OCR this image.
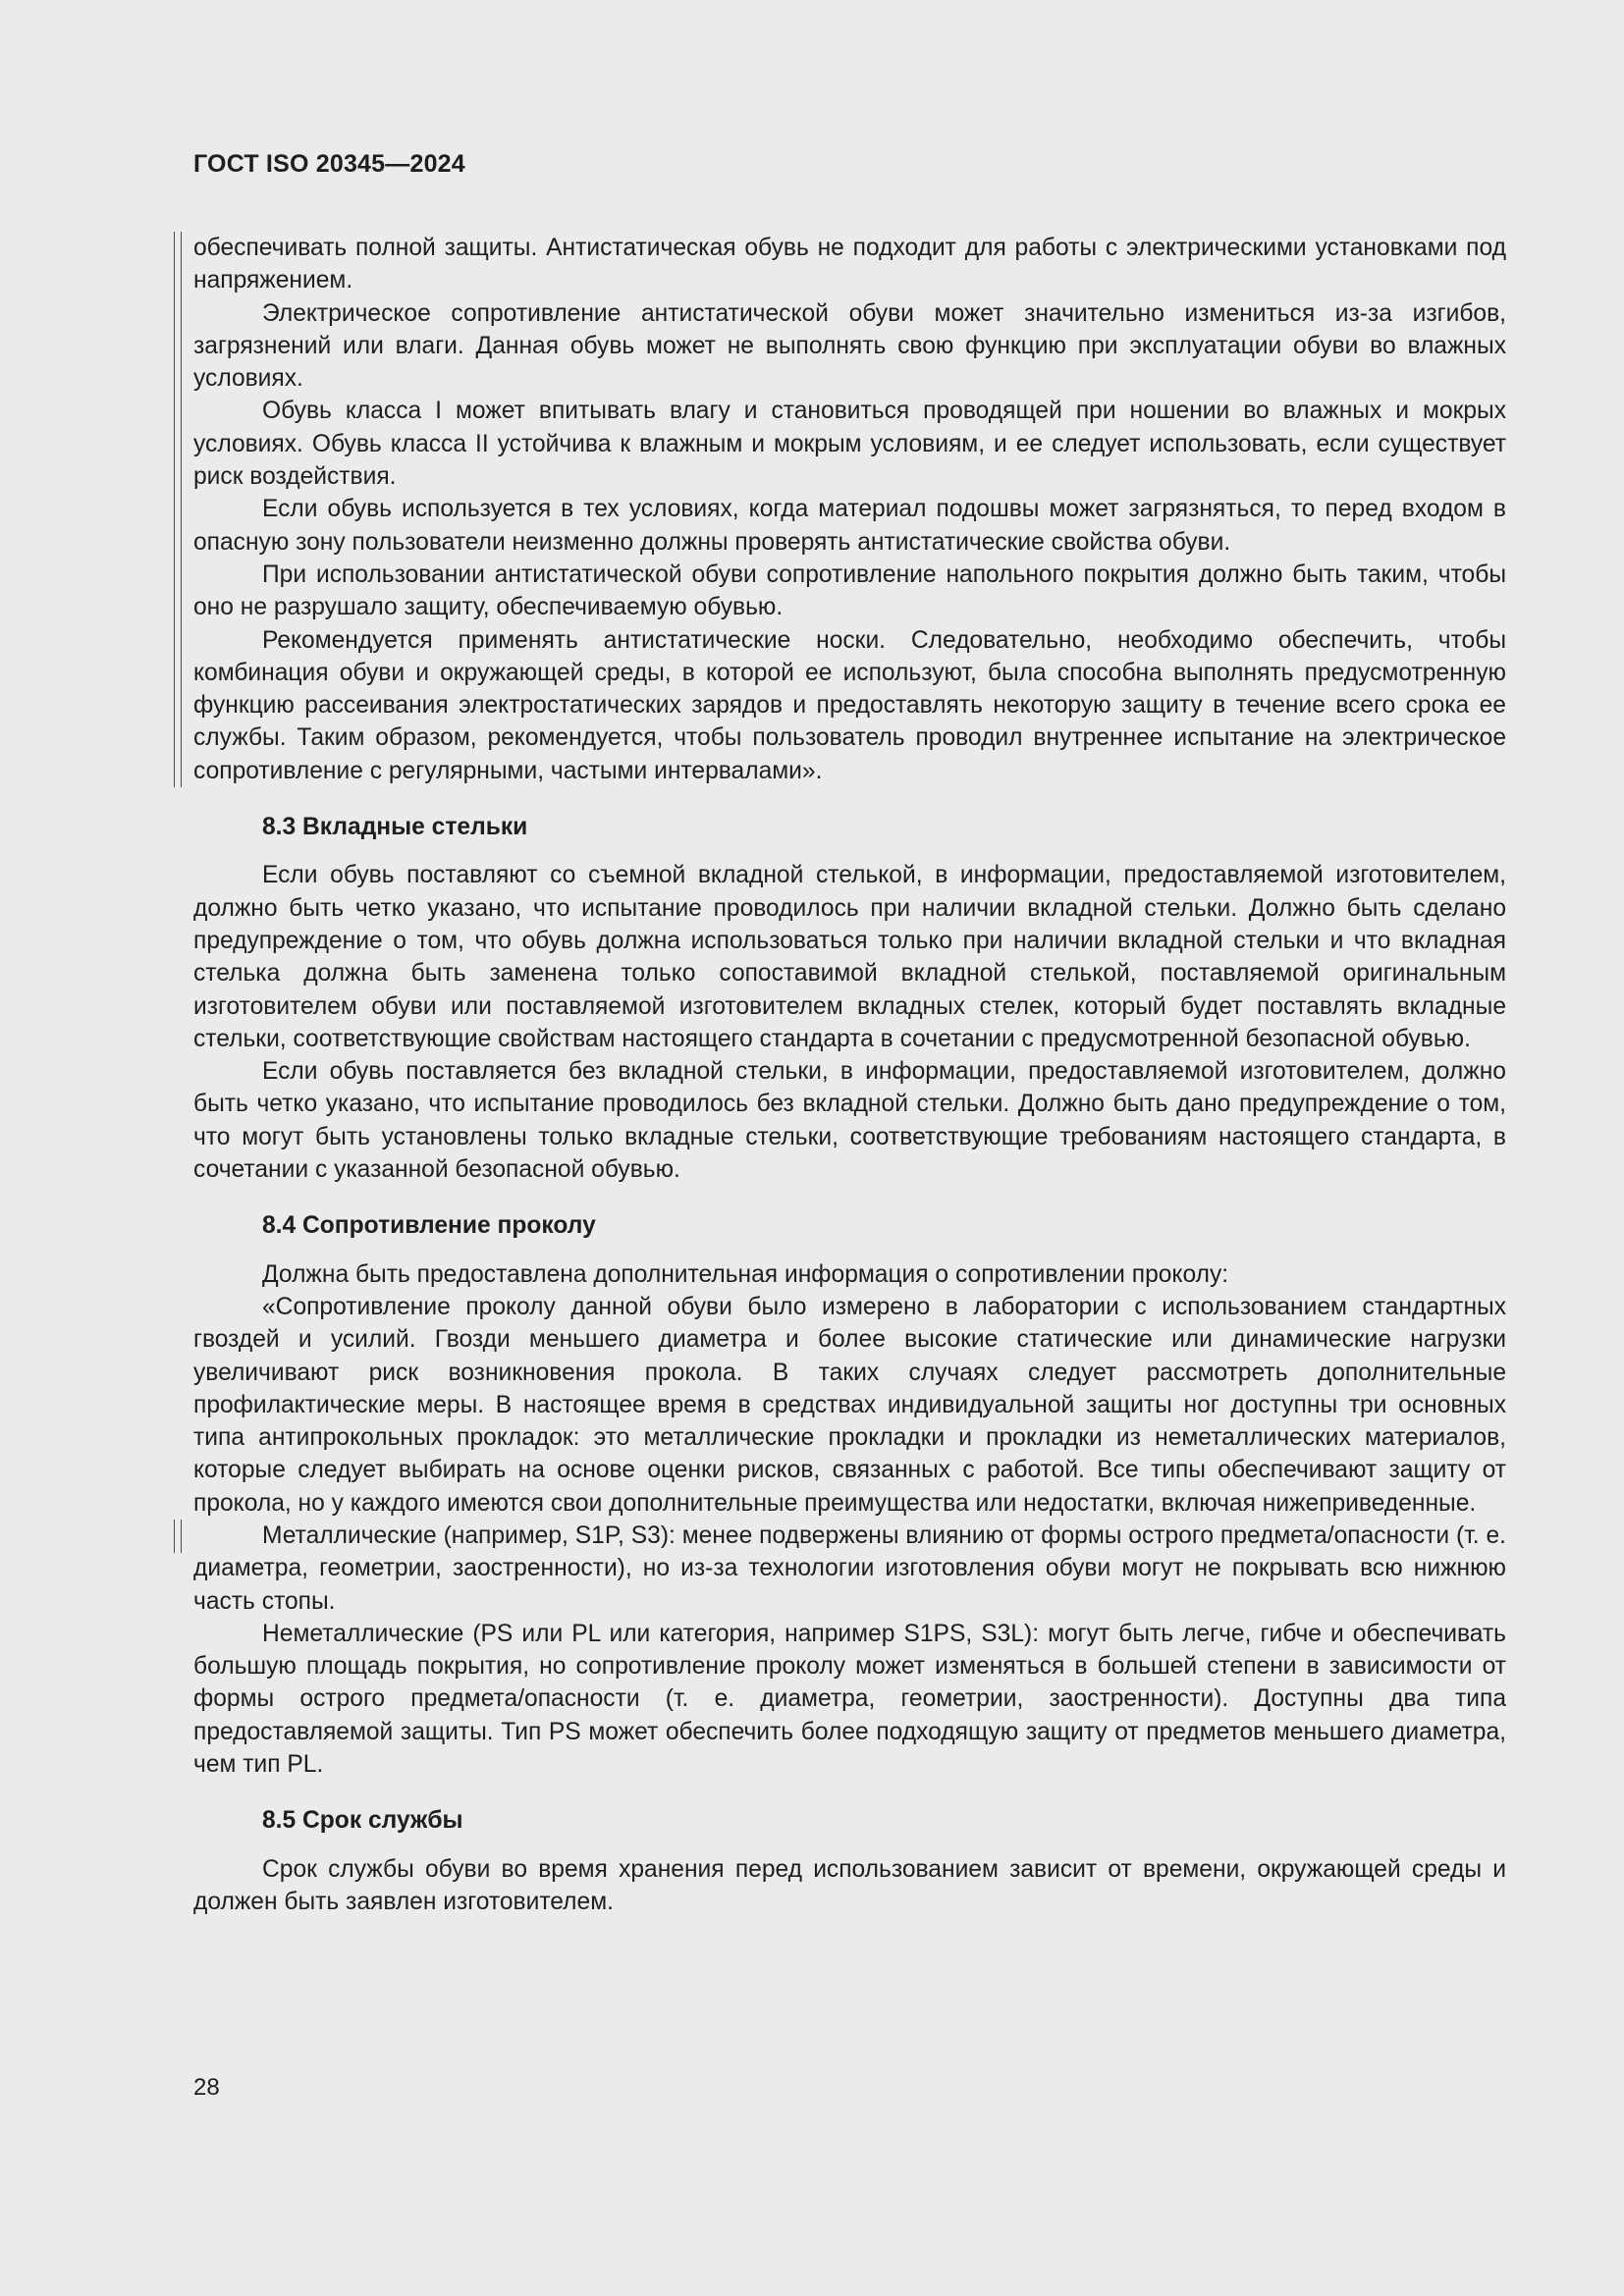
ГОСТ ISO 20345—2024

обеспечивать полной защиты. Антистатическая обувь не подходит для работы с электрическими установками под напряжением.

Электрическое сопротивление антистатической обуви может значительно измениться из-за изгибов, загрязнений или влаги. Данная обувь может не выполнять свою функцию при эксплуатации обуви во влажных условиях.

Обувь класса I может впитывать влагу и становиться проводящей при ношении во влажных и мокрых условиях. Обувь класса II устойчива к влажным и мокрым условиям, и ее следует использовать, если существует риск воздействия.

Если обувь используется в тех условиях, когда материал подошвы может загрязняться, то перед входом в опасную зону пользователи неизменно должны проверять антистатические свойства обуви.

При использовании антистатической обуви сопротивление напольного покрытия должно быть таким, чтобы оно не разрушало защиту, обеспечиваемую обувью.

Рекомендуется применять антистатические носки. Следовательно, необходимо обеспечить, чтобы комбинация обуви и окружающей среды, в которой ее используют, была способна выполнять предусмотренную функцию рассеивания электростатических зарядов и предоставлять некоторую защиту в течение всего срока ее службы. Таким образом, рекомендуется, чтобы пользователь проводил внутреннее испытание на электрическое сопротивление с регулярными, частыми интервалами».

8.3 Вкладные стельки

Если обувь поставляют со съемной вкладной стелькой, в информации, предоставляемой изготовителем, должно быть четко указано, что испытание проводилось при наличии вкладной стельки. Должно быть сделано предупреждение о том, что обувь должна использоваться только при наличии вкладной стельки и что вкладная стелька должна быть заменена только сопоставимой вкладной стелькой, поставляемой оригинальным изготовителем обуви или поставляемой изготовителем вкладных стелек, который будет поставлять вкладные стельки, соответствующие свойствам настоящего стандарта в сочетании с предусмотренной безопасной обувью.

Если обувь поставляется без вкладной стельки, в информации, предоставляемой изготовителем, должно быть четко указано, что испытание проводилось без вкладной стельки. Должно быть дано предупреждение о том, что могут быть установлены только вкладные стельки, соответствующие требованиям настоящего стандарта, в сочетании с указанной безопасной обувью.

8.4 Сопротивление проколу

Должна быть предоставлена дополнительная информация о сопротивлении проколу:

«Сопротивление проколу данной обуви было измерено в лаборатории с использованием стандартных гвоздей и усилий. Гвозди меньшего диаметра и более высокие статические или динамические нагрузки увеличивают риск возникновения прокола. В таких случаях следует рассмотреть дополнительные профилактические меры. В настоящее время в средствах индивидуальной защиты ног доступны три основных типа антипрокольных прокладок: это металлические прокладки и прокладки из неметаллических материалов, которые следует выбирать на основе оценки рисков, связанных с работой. Все типы обеспечивают защиту от прокола, но у каждого имеются свои дополнительные преимущества или недостатки, включая нижеприведенные.

Металлические (например, S1P, S3): менее подвержены влиянию от формы острого предмета/опасности (т. е. диаметра, геометрии, заостренности), но из-за технологии изготовления обуви могут не покрывать всю нижнюю часть стопы.

Неметаллические (PS или PL или категория, например S1PS, S3L): могут быть легче, гибче и обеспечивать большую площадь покрытия, но сопротивление проколу может изменяться в большей степени в зависимости от формы острого предмета/опасности (т. е. диаметра, геометрии, заостренности). Доступны два типа предоставляемой защиты. Тип PS может обеспечить более подходящую защиту от предметов меньшего диаметра, чем тип PL.

8.5 Срок службы

Срок службы обуви во время хранения перед использованием зависит от времени, окружающей среды и должен быть заявлен изготовителем.

28
